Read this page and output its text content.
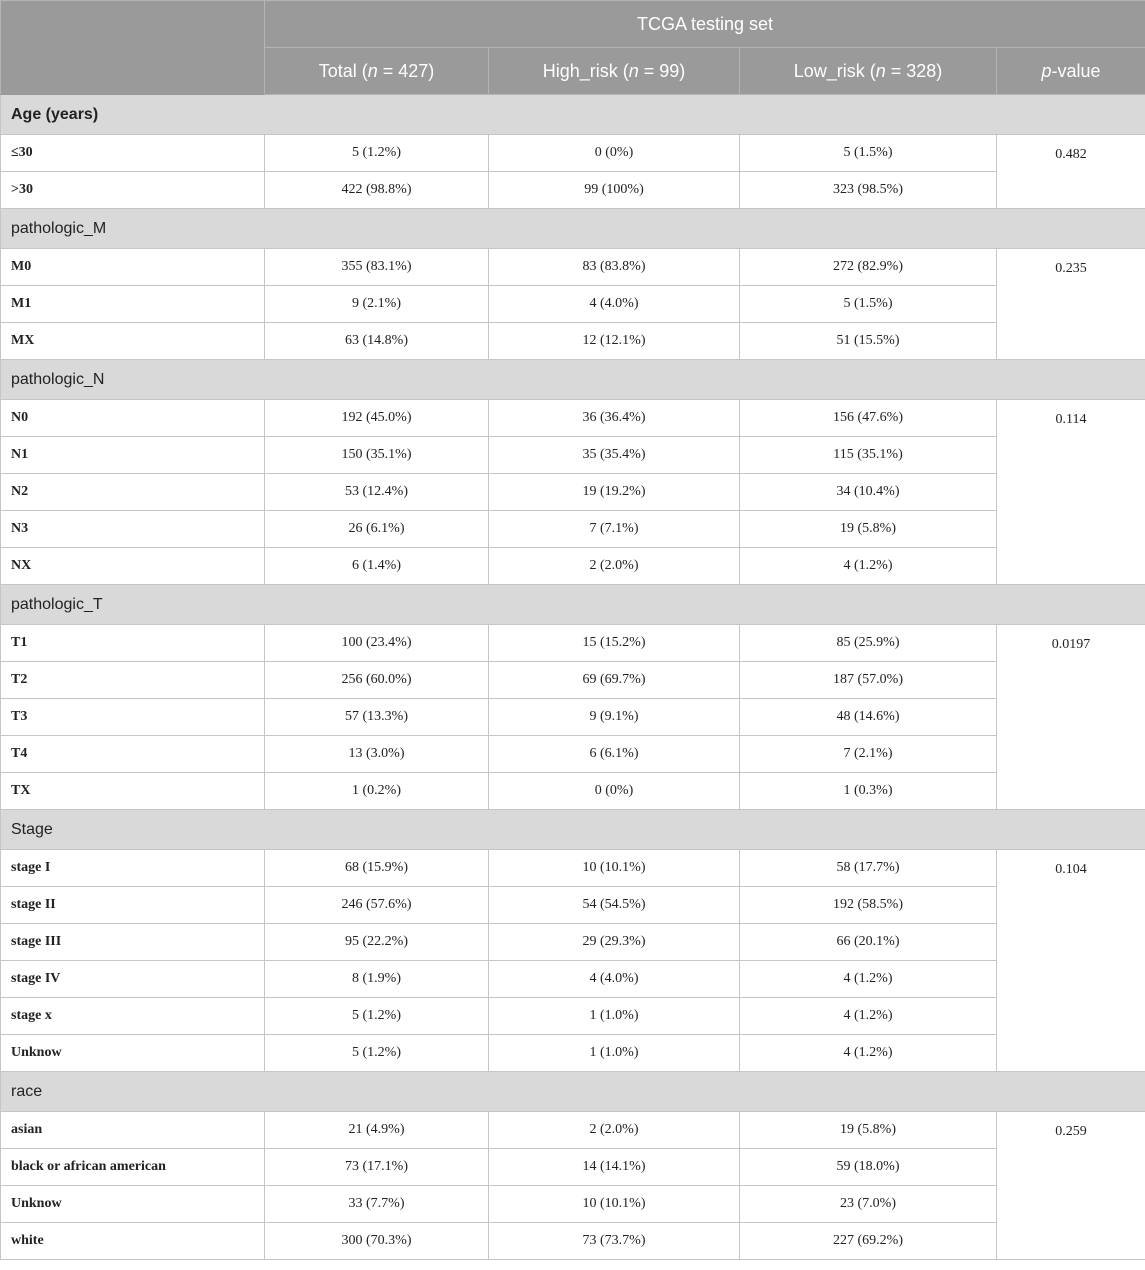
	TCGA testing set			
	Total (n = 427)	High_risk (n = 99)	Low_risk (n = 328)	p-value
Age (years)				
≤30	5 (1.2%)	0 (0%)	5 (1.5%)	0.482
>30	422 (98.8%)	99 (100%)	323 (98.5%)	
pathologic_M				
M0	355 (83.1%)	83 (83.8%)	272 (82.9%)	0.235
M1	9 (2.1%)	4 (4.0%)	5 (1.5%)	
MX	63 (14.8%)	12 (12.1%)	51 (15.5%)	
pathologic_N				
N0	192 (45.0%)	36 (36.4%)	156 (47.6%)	0.114
N1	150 (35.1%)	35 (35.4%)	115 (35.1%)	
N2	53 (12.4%)	19 (19.2%)	34 (10.4%)	
N3	26 (6.1%)	7 (7.1%)	19 (5.8%)	
NX	6 (1.4%)	2 (2.0%)	4 (1.2%)	
pathologic_T				
T1	100 (23.4%)	15 (15.2%)	85 (25.9%)	0.0197
T2	256 (60.0%)	69 (69.7%)	187 (57.0%)	
T3	57 (13.3%)	9 (9.1%)	48 (14.6%)	
T4	13 (3.0%)	6 (6.1%)	7 (2.1%)	
TX	1 (0.2%)	0 (0%)	1 (0.3%)	
Stage				
stage I	68 (15.9%)	10 (10.1%)	58 (17.7%)	0.104
stage II	246 (57.6%)	54 (54.5%)	192 (58.5%)	
stage III	95 (22.2%)	29 (29.3%)	66 (20.1%)	
stage IV	8 (1.9%)	4 (4.0%)	4 (1.2%)	
stage x	5 (1.2%)	1 (1.0%)	4 (1.2%)	
Unknow	5 (1.2%)	1 (1.0%)	4 (1.2%)	
race				
asian	21 (4.9%)	2 (2.0%)	19 (5.8%)	0.259
black or african american	73 (17.1%)	14 (14.1%)	59 (18.0%)	
Unknow	33 (7.7%)	10 (10.1%)	23 (7.0%)	
white	300 (70.3%)	73 (73.7%)	227 (69.2%)	
